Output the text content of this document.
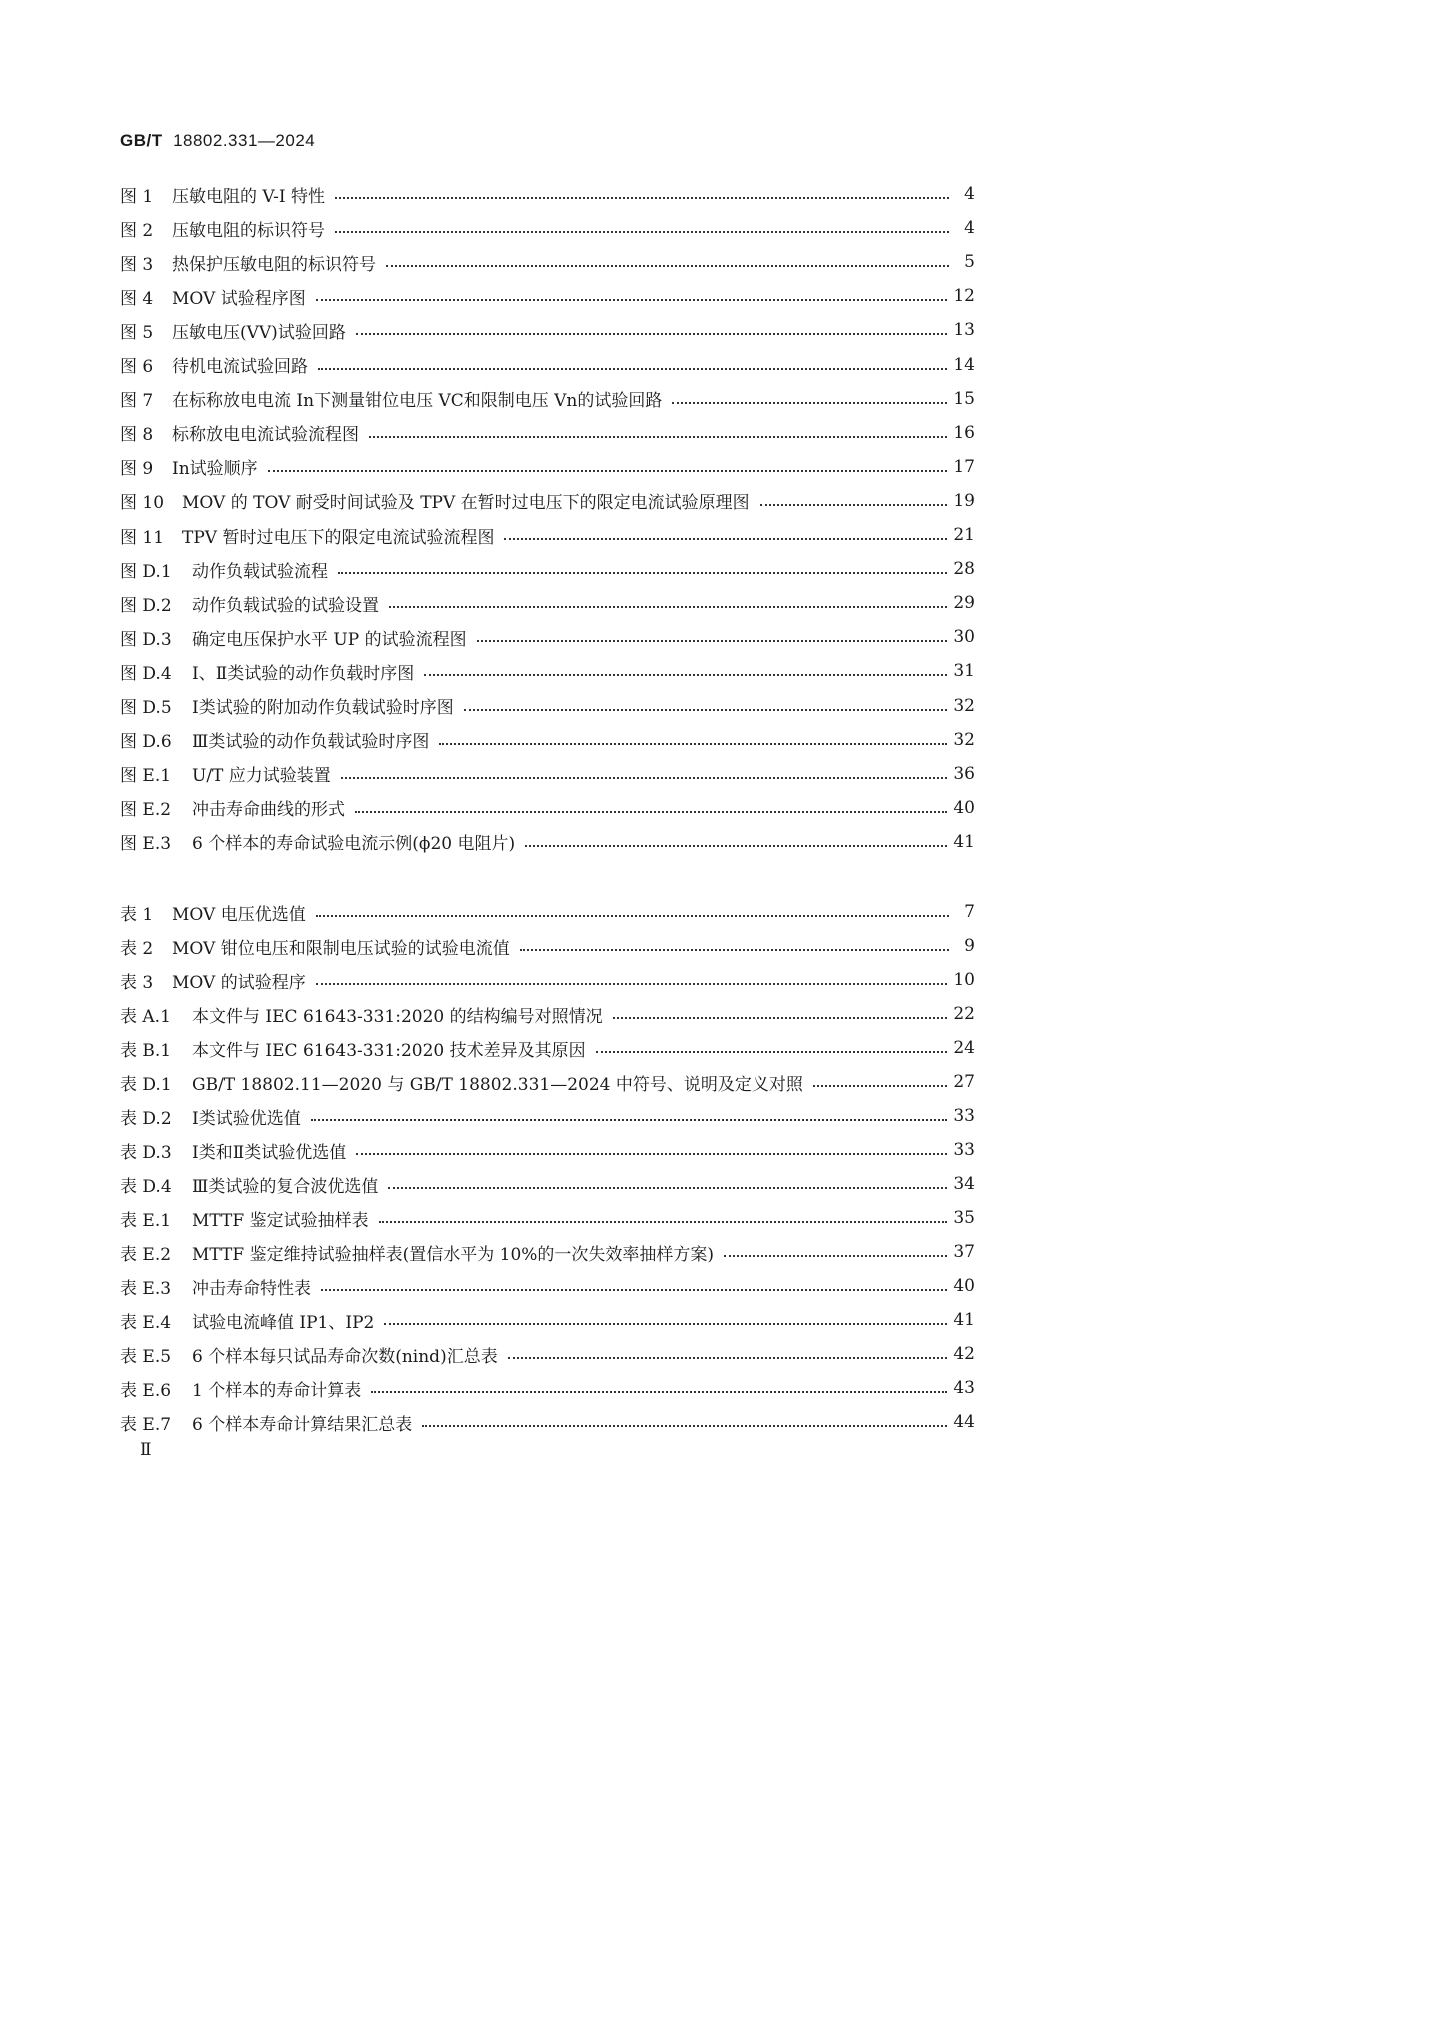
GB/T 18802.331—2024
图 1	压敏电阻的 V-I 特性	4
图 2	压敏电阻的标识符号	4
图 3	热保护压敏电阻的标识符号	5
图 4	MOV 试验程序图	12
图 5	压敏电压(VV)试验回路	13
图 6	待机电流试验回路	14
图 7	在标称放电电流 In下测量钳位电压 VC和限制电压 Vn的试验回路	15
图 8	标称放电电流试验流程图	16
图 9	In试验顺序	17
图 10	MOV 的 TOV 耐受时间试验及 TPV 在暂时过电压下的限定电流试验原理图	19
图 11	TPV 暂时过电压下的限定电流试验流程图	21
图 D.1	动作负载试验流程	28
图 D.2	动作负载试验的试验设置	29
图 D.3	确定电压保护水平 UP 的试验流程图	30
图 D.4	Ⅰ、Ⅱ类试验的动作负载时序图	31
图 D.5	Ⅰ类试验的附加动作负载试验时序图	32
图 D.6	Ⅲ类试验的动作负载试验时序图	32
图 E.1	U/T 应力试验装置	36
图 E.2	冲击寿命曲线的形式	40
图 E.3	6 个样本的寿命试验电流示例(ϕ20 电阻片)	41
表 1	MOV 电压优选值	7
表 2	MOV 钳位电压和限制电压试验的试验电流值	9
表 3	MOV 的试验程序	10
表 A.1	本文件与 IEC 61643-331:2020 的结构编号对照情况	22
表 B.1	本文件与 IEC 61643-331:2020 技术差异及其原因	24
表 D.1	GB/T 18802.11—2020 与 GB/T 18802.331—2024 中符号、说明及定义对照	27
表 D.2	Ⅰ类试验优选值	33
表 D.3	Ⅰ类和Ⅱ类试验优选值	33
表 D.4	Ⅲ类试验的复合波优选值	34
表 E.1	MTTF 鉴定试验抽样表	35
表 E.2	MTTF 鉴定维持试验抽样表(置信水平为 10%的一次失效率抽样方案)	37
表 E.3	冲击寿命特性表	40
表 E.4	试验电流峰值 IP1、IP2	41
表 E.5	6 个样本每只试品寿命次数(nind)汇总表	42
表 E.6	1 个样本的寿命计算表	43
表 E.7	6 个样本寿命计算结果汇总表	44
Ⅱ
